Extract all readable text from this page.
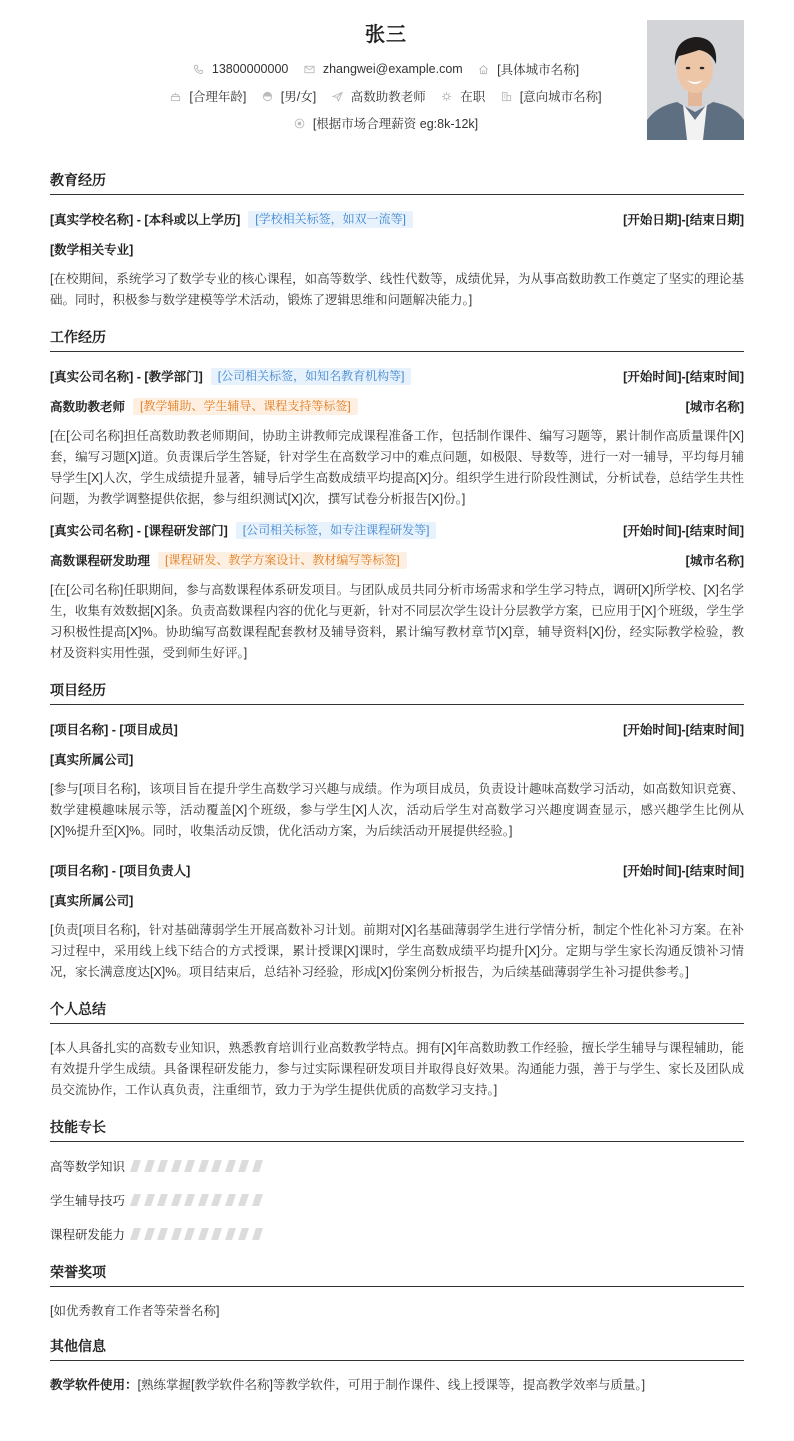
张三
13800000000
	zhangwei@example.com
	[具体城市名称]
[合理年龄]
	[男/女]
	高数助教老师
	在职
	[意向城市名称]
[根据市场合理薪资 eg:8k-12k]
教育经历
[真实学校名称] - [本科或以上学历]	[学校相关标签，如双一流等]	[开始日期]-[结束日期]
[数学相关专业]
[在校期间，系统学习了数学专业的核心课程，如高等数学、线性代数等，成绩优异，为从事高数助教工作奠定了坚实的理论基础。同时，积极参与数学建模等学术活动，锻炼了逻辑思维和问题解决能力。]
工作经历
[真实公司名称] - [教学部门]	[公司相关标签，如知名教育机构等]	[开始时间]-[结束时间]
高数助教老师	[教学辅助、学生辅导、课程支持等标签]	[城市名称]
[在[公司名称]担任高数助教老师期间，协助主讲教师完成课程准备工作，包括制作课件、编写习题等，累计制作高质量课件[X]套，编写习题[X]道。负责课后学生答疑，针对学生在高数学习中的难点问题，如极限、导数等，进行一对一辅导，平均每月辅导学生[X]人次，学生成绩提升显著，辅导后学生高数成绩平均提高[X]分。组织学生进行阶段性测试，分析试卷，总结学生共性问题，为教学调整提供依据，参与组织测试[X]次，撰写试卷分析报告[X]份。]
[真实公司名称] - [课程研发部门]	[公司相关标签，如专注课程研发等]	[开始时间]-[结束时间]
高数课程研发助理	[课程研发、教学方案设计、教材编写等标签]	[城市名称]
[在[公司名称]任职期间，参与高数课程体系研发项目。与团队成员共同分析市场需求和学生学习特点，调研[X]所学校、[X]名学生，收集有效数据[X]条。负责高数课程内容的优化与更新，针对不同层次学生设计分层教学方案，已应用于[X]个班级，学生学习积极性提高[X]%。协助编写高数课程配套教材及辅导资料，累计编写教材章节[X]章，辅导资料[X]份，经实际教学检验，教材及资料实用性强，受到师生好评。]
项目经历
[项目名称] - [项目成员]	[开始时间]-[结束时间]
[真实所属公司]
[参与[项目名称]，该项目旨在提升学生高数学习兴趣与成绩。作为项目成员，负责设计趣味高数学习活动，如高数知识竞赛、数学建模趣味展示等，活动覆盖[X]个班级，参与学生[X]人次，活动后学生对高数学习兴趣度调查显示，感兴趣学生比例从[X]%提升至[X]%。同时，收集活动反馈，优化活动方案，为后续活动开展提供经验。]
[项目名称] - [项目负责人]	[开始时间]-[结束时间]
[真实所属公司]
[负责[项目名称]，针对基础薄弱学生开展高数补习计划。前期对[X]名基础薄弱学生进行学情分析，制定个性化补习方案。在补习过程中，采用线上线下结合的方式授课，累计授课[X]课时，学生高数成绩平均提升[X]分。定期与学生家长沟通反馈补习情况，家长满意度达[X]%。项目结束后，总结补习经验，形成[X]份案例分析报告，为后续基础薄弱学生补习提供参考。]
个人总结
[本人具备扎实的高数专业知识，熟悉教育培训行业高数教学特点。拥有[X]年高数助教工作经验，擅长学生辅导与课程辅助，能有效提升学生成绩。具备课程研发能力，参与过实际课程研发项目并取得良好效果。沟通能力强，善于与学生、家长及团队成员交流协作，工作认真负责，注重细节，致力于为学生提供优质的高数学习支持。]
技能专长
高等数学知识
学生辅导技巧
课程研发能力
荣誉奖项
[如优秀教育工作者等荣誉名称]
其他信息
教学软件使用：[熟练掌握[教学软件名称]等教学软件，可用于制作课件、线上授课等，提高教学效率与质量。]
